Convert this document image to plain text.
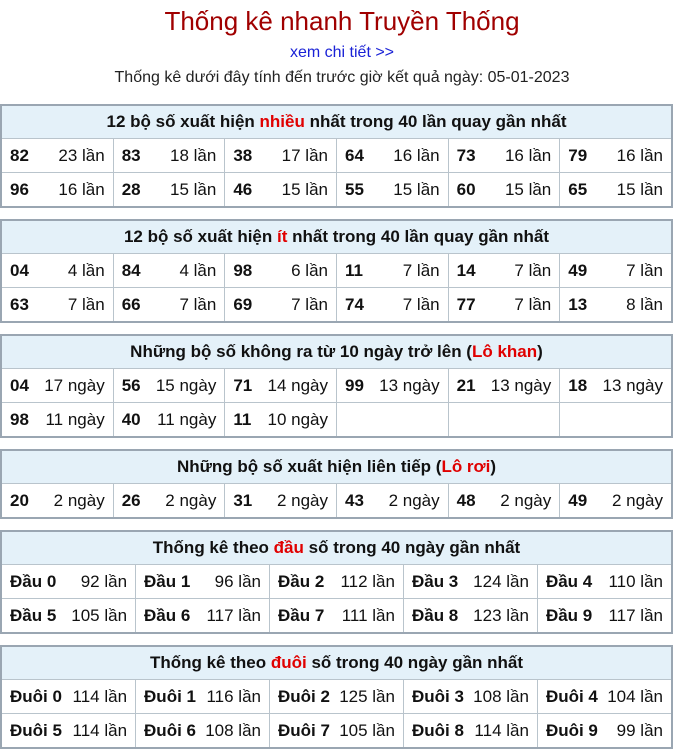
Thống kê nhanh Truyền Thống
xem chi tiết >>
Thống kê dưới đây tính đến trước giờ kết quả ngày: 05-01-2023
12 bộ số xuất hiện nhiều nhất trong 40 lần quay gần nhất
82 23 lần	83 18 lần	38 17 lần	64 16 lần	73 16 lần	79 16 lần

96 16 lần	28 15 lần	46 15 lần	55 15 lần	60 15 lần	65 15 lần
12 bộ số xuất hiện ít nhất trong 40 lần quay gần nhất
04 4 lần	84 4 lần	98 6 lần	11 7 lần	14 7 lần	49 7 lần

63 7 lần	66 7 lần	69 7 lần	74 7 lần	77 7 lần	13 8 lần
Những bộ số không ra từ 10 ngày trở lên (Lô khan)
04 17 ngày	56 15 ngày	71 14 ngày	99 13 ngày	21 13 ngày	18 13 ngày

98 11 ngày	40 11 ngày	11 10 ngày			

Những bộ số xuất hiện liên tiếp (Lô rơi)
20 2 ngày	26 2 ngày	31 2 ngày	43 2 ngày	48 2 ngày	49 2 ngày
Thống kê theo đầu số trong 40 ngày gần nhất
Đầu 0 92 lần	Đầu 1 96 lần	Đầu 2 112 lần	Đầu 3 124 lần	Đầu 4 110 lần

Đầu 5 105 lần	Đầu 6 117 lần	Đầu 7 111 lần	Đầu 8 123 lần	Đầu 9 117 lần
Thống kê theo đuôi số trong 40 ngày gần nhất
Đuôi 0 114 lần	Đuôi 1 116 lần	Đuôi 2 125 lần	Đuôi 3 108 lần	Đuôi 4 104 lần

Đuôi 5 114 lần	Đuôi 6 108 lần	Đuôi 7 105 lần	Đuôi 8 114 lần	Đuôi 9 99 lần
